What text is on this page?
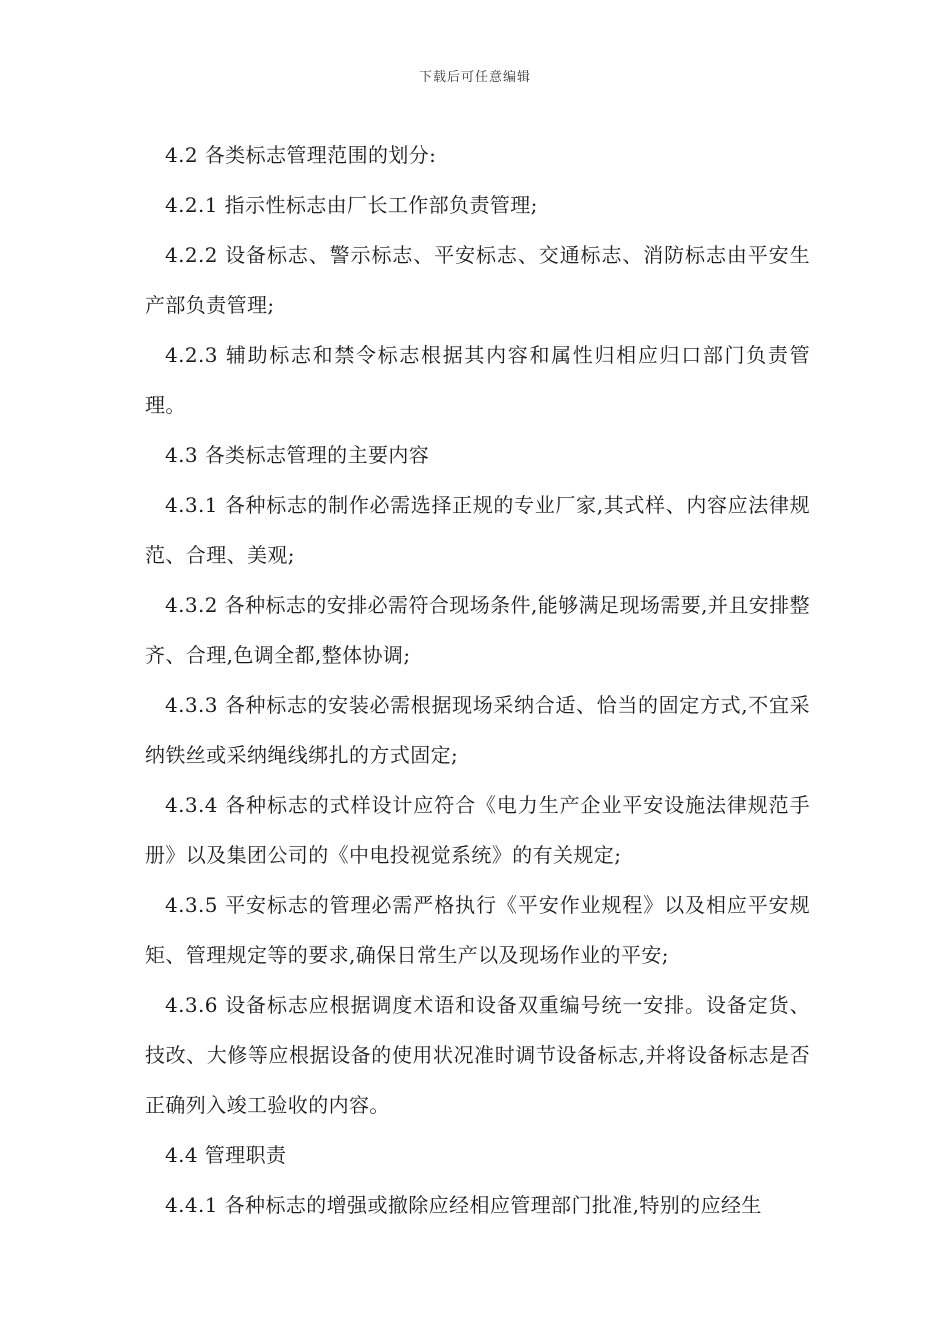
下载后可任意编辑

4.2 各类标志管理范围的划分:

4.2.1 指示性标志由厂长工作部负责管理;

4.2.2 设备标志、警示标志、平安标志、交通标志、消防标志由平安生产部负责管理;

4.2.3 辅助标志和禁令标志根据其内容和属性归相应归口部门负责管理。

4.3 各类标志管理的主要内容

4.3.1 各种标志的制作必需选择正规的专业厂家,其式样、内容应法律规范、合理、美观;

4.3.2 各种标志的安排必需符合现场条件,能够满足现场需要,并且安排整齐、合理,色调全都,整体协调;

4.3.3 各种标志的安装必需根据现场采纳合适、恰当的固定方式,不宜采纳铁丝或采纳绳线绑扎的方式固定;

4.3.4 各种标志的式样设计应符合《电力生产企业平安设施法律规范手册》以及集团公司的《中电投视觉系统》的有关规定;

4.3.5 平安标志的管理必需严格执行《平安作业规程》以及相应平安规矩、管理规定等的要求,确保日常生产以及现场作业的平安;

4.3.6 设备标志应根据调度术语和设备双重编号统一安排。设备定货、技改、大修等应根据设备的使用状况准时调节设备标志,并将设备标志是否正确列入竣工验收的内容。

4.4 管理职责

4.4.1 各种标志的增强或撤除应经相应管理部门批准,特别的应经生
